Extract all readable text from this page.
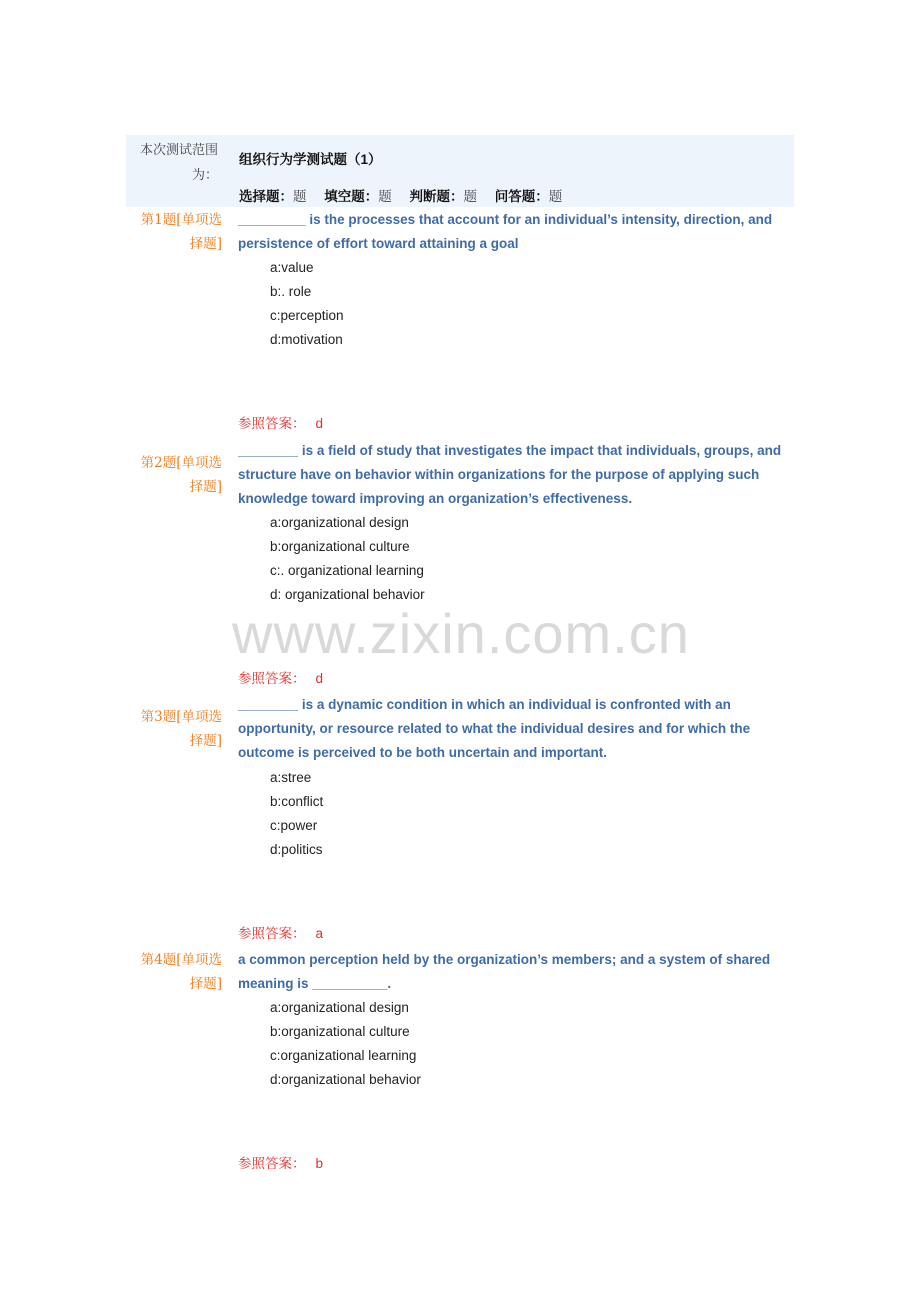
本次测试范围为：
组织行为学测试题（1）
选择题：题 填空题：题 判断题：题 问答题：题
第1题[单项选择题]
_________ is the processes that account for an individual’s intensity, direction, and persistence of effort toward attaining a goal
a:value
b:. role
c:perception
d:motivation
参照答案： d
第2题[单项选择题]
________ is a field of study that investigates the impact that individuals, groups, and structure have on behavior within organizations for the purpose of applying such knowledge toward improving an organization’s effectiveness.
a:organizational design
b:organizational culture
c:. organizational learning
d: organizational behavior
www.zixin.com.cn
参照答案： d
第3题[单项选择题]
________ is a dynamic condition in which an individual is confronted with an opportunity, or resource related to what the individual desires and for which the outcome is perceived to be both uncertain and important.
a:stree
b:conflict
c:power
d:politics
参照答案： a
第4题[单项选择题]
a common perception held by the organization’s members; and a system of shared meaning is __________.
a:organizational design
b:organizational culture
c:organizational learning
d:organizational behavior
参照答案： b
